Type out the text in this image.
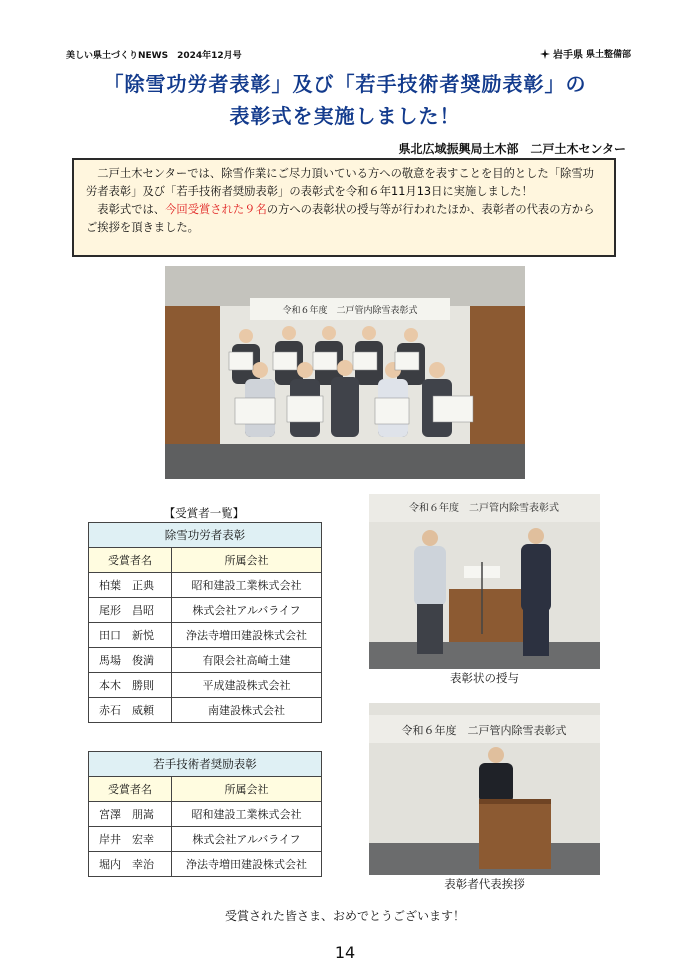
美しい県土づくりNEWS　2024年12月号	岩手県 県土整備部
「除雪功労者表彰」及び「若手技術者奨励表彰」の
表彰式を実施しました！
県北広域振興局土木部　二戸土木センター

二戸土木センターでは、除雪作業にご尽力頂いている方への敬意を表すことを目的とした「除雪功労者表彰」及び「若手技術者奨励表彰」の表彰式を令和６年11月13日に実施しました！

表彰式では、今回受賞された９名の方への表彰状の授与等が行われたほか、表彰者の代表の方からご挨拶を頂きました。

令和６年度　二戸管内除雪表彰式
【受賞者一覧】
除雪功労者表彰	
受賞者名	所属会社
柏葉　正典	昭和建設工業株式会社
尾形　昌昭	株式会社アルバライフ
田口　新悦	浄法寺増田建設株式会社
馬場　俊満	有限会社高崎土建
本木　勝則	平成建設株式会社
赤石　威頼	南建設株式会社
若手技術者奨励表彰	
受賞者名	所属会社
宮澤　朋嵩	昭和建設工業株式会社
岸井　宏幸	株式会社アルバライフ
堀内　幸治	浄法寺増田建設株式会社
令和６年度　二戸管内除雪表彰式
表彰状の授与
令和６年度　二戸管内除雪表彰式
表彰者代表挨拶
受賞された皆さま、おめでとうございます！
14
